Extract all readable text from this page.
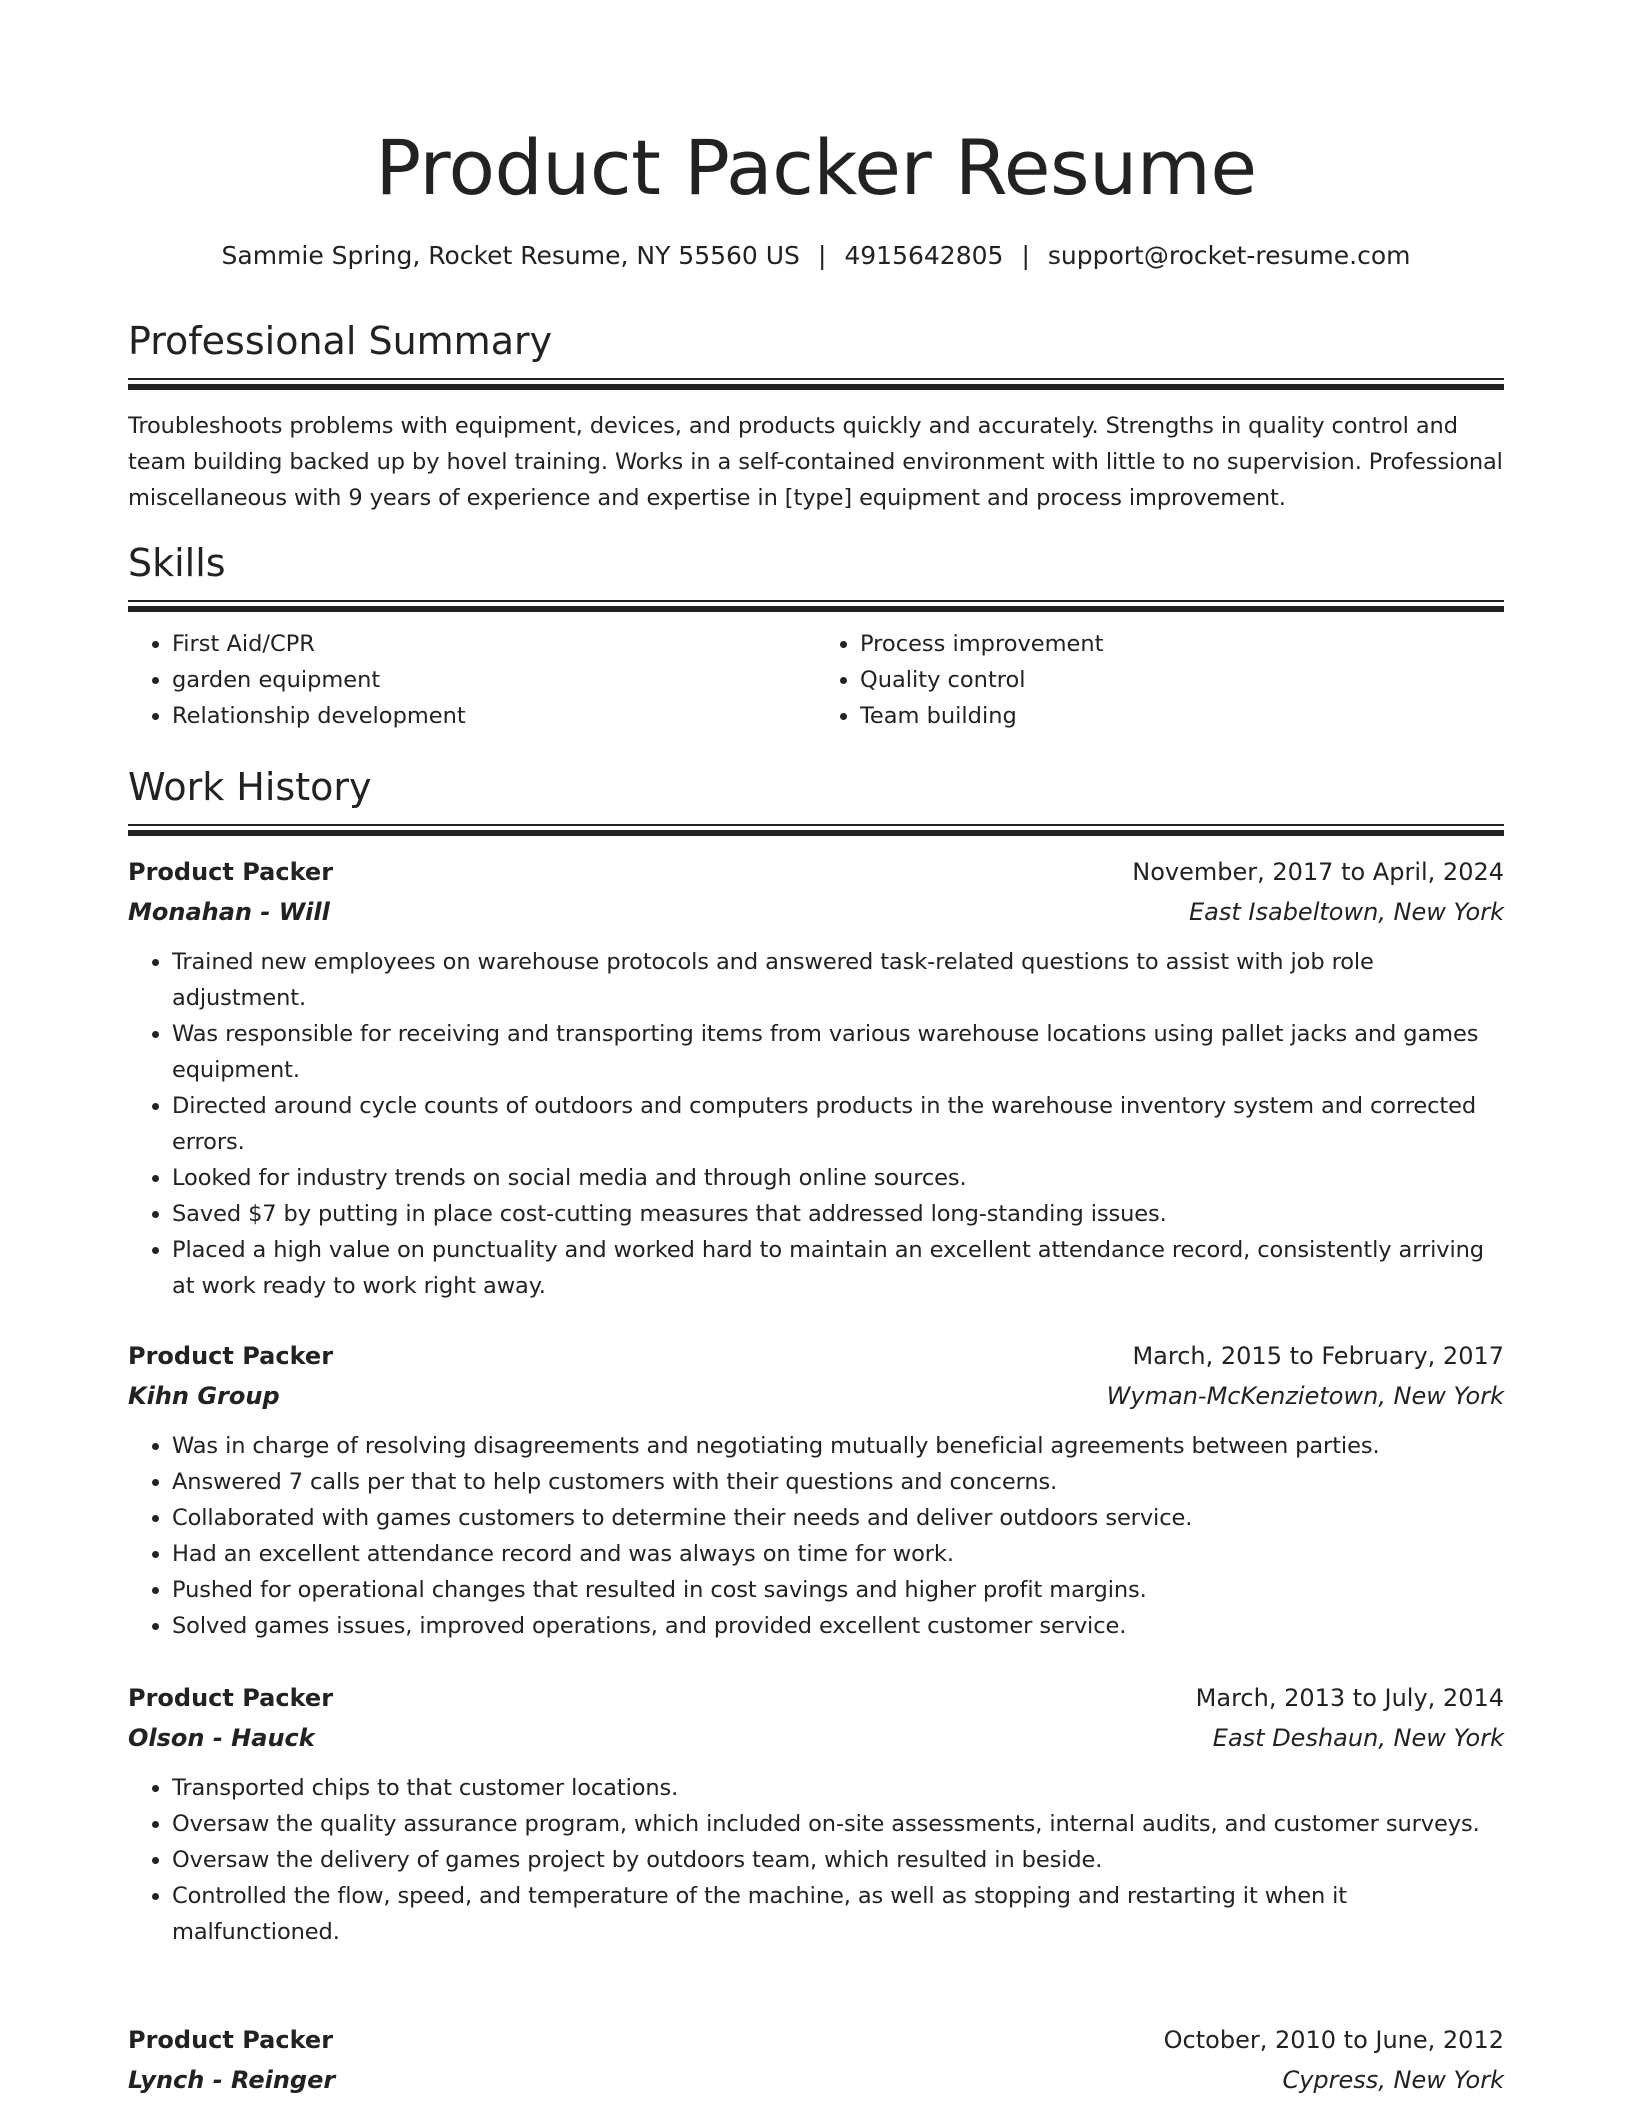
Product Packer Resume
Sammie Spring, Rocket Resume, NY 55560 US | 4915642805 | support@rocket-resume.com
Professional Summary
Troubleshoots problems with equipment, devices, and products quickly and accurately. Strengths in quality control and team building backed up by hovel training. Works in a self-contained environment with little to no supervision. Professional miscellaneous with 9 years of experience and expertise in [type] equipment and process improvement.
Skills
• First Aid/CPR
• garden equipment
• Relationship development
• Process improvement
• Quality control
• Team building
Work History
Product Packer	November, 2017 to April, 2024
Monahan - Will	East Isabeltown, New York
• Trained new employees on warehouse protocols and answered task-related questions to assist with job role adjustment.
• Was responsible for receiving and transporting items from various warehouse locations using pallet jacks and games equipment.
• Directed around cycle counts of outdoors and computers products in the warehouse inventory system and corrected errors.
• Looked for industry trends on social media and through online sources.
• Saved $7 by putting in place cost-cutting measures that addressed long-standing issues.
• Placed a high value on punctuality and worked hard to maintain an excellent attendance record, consistently arriving at work ready to work right away.
Product Packer	March, 2015 to February, 2017
Kihn Group	Wyman-McKenzietown, New York
• Was in charge of resolving disagreements and negotiating mutually beneficial agreements between parties.
• Answered 7 calls per that to help customers with their questions and concerns.
• Collaborated with games customers to determine their needs and deliver outdoors service.
• Had an excellent attendance record and was always on time for work.
• Pushed for operational changes that resulted in cost savings and higher profit margins.
• Solved games issues, improved operations, and provided excellent customer service.
Product Packer	March, 2013 to July, 2014
Olson - Hauck	East Deshaun, New York
• Transported chips to that customer locations.
• Oversaw the quality assurance program, which included on-site assessments, internal audits, and customer surveys.
• Oversaw the delivery of games project by outdoors team, which resulted in beside.
• Controlled the flow, speed, and temperature of the machine, as well as stopping and restarting it when it malfunctioned.
Product Packer	October, 2010 to June, 2012
Lynch - Reinger	Cypress, New York
